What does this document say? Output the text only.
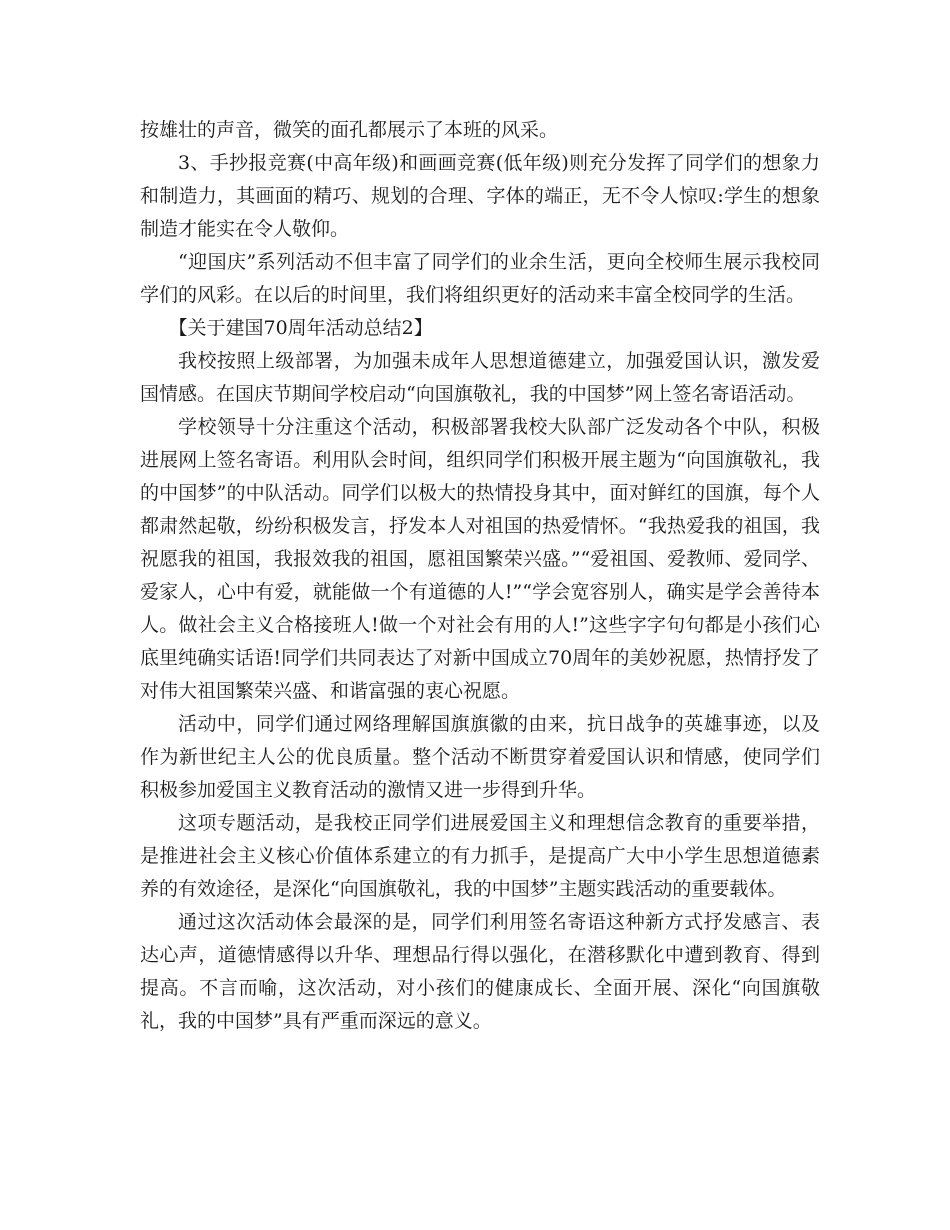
按雄壮的声音，微笑的面孔都展示了本班的风采。

3、手抄报竞赛(中高年级)和画画竞赛(低年级)则充分发挥了同学们的想象力和制造力，其画面的精巧、规划的合理、字体的端正，无不令人惊叹:学生的想象制造才能实在令人敬仰。

“迎国庆”系列活动不但丰富了同学们的业余生活，更向全校师生展示我校同学们的风彩。在以后的时间里，我们将组织更好的活动来丰富全校同学的生活。

【关于建国70周年活动总结2】

我校按照上级部署，为加强未成年人思想道德建立，加强爱国认识，激发爱国情感。在国庆节期间学校启动“向国旗敬礼，我的中国梦”网上签名寄语活动。

学校领导十分注重这个活动，积极部署我校大队部广泛发动各个中队，积极进展网上签名寄语。利用队会时间，组织同学们积极开展主题为“向国旗敬礼，我的中国梦”的中队活动。同学们以极大的热情投身其中，面对鲜红的国旗，每个人都肃然起敬，纷纷积极发言，抒发本人对祖国的热爱情怀。“我热爱我的祖国，我祝愿我的祖国，我报效我的祖国，愿祖国繁荣兴盛。”“爱祖国、爱教师、爱同学、爱家人，心中有爱，就能做一个有道德的人!”“学会宽容别人，确实是学会善待本人。做社会主义合格接班人!做一个对社会有用的人!”这些字字句句都是小孩们心底里纯确实话语!同学们共同表达了对新中国成立70周年的美妙祝愿，热情抒发了对伟大祖国繁荣兴盛、和谐富强的衷心祝愿。

活动中，同学们通过网络理解国旗旗徽的由来，抗日战争的英雄事迹，以及作为新世纪主人公的优良质量。整个活动不断贯穿着爱国认识和情感，使同学们积极参加爱国主义教育活动的激情又进一步得到升华。

这项专题活动，是我校正同学们进展爱国主义和理想信念教育的重要举措，是推进社会主义核心价值体系建立的有力抓手，是提高广大中小学生思想道德素养的有效途径，是深化“向国旗敬礼，我的中国梦”主题实践活动的重要载体。

通过这次活动体会最深的是，同学们利用签名寄语这种新方式抒发感言、表达心声，道德情感得以升华、理想品行得以强化，在潜移默化中遭到教育、得到提高。不言而喻，这次活动，对小孩们的健康成长、全面开展、深化“向国旗敬礼，我的中国梦”具有严重而深远的意义。
